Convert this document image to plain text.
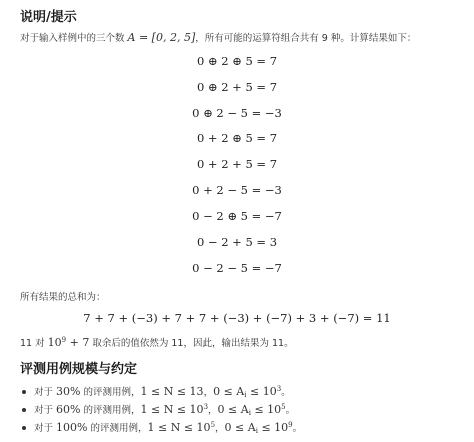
说明/提示
对于输入样例中的三个数 A = [0, 2, 5]，所有可能的运算符组合共有 9 种。计算结果如下：
0 ⊕ 2 ⊕ 5 = 7
0 ⊕ 2 + 5 = 7
0 ⊕ 2 − 5 = −3
0 + 2 ⊕ 5 = 7
0 + 2 + 5 = 7
0 + 2 − 5 = −3
0 − 2 ⊕ 5 = −7
0 − 2 + 5 = 3
0 − 2 − 5 = −7
所有结果的总和为：
7 + 7 + (−3) + 7 + 7 + (−3) + (−7) + 3 + (−7) = 11
11 对 $10^9 + 7$ 取余后的值依然为 11，因此，输出结果为 11。
评测用例规模与约定
对于 30% 的评测用例，1 ≤ N ≤ 13，$0 \le A_i \le 10^3$。
对于 60% 的评测用例，$1 \le N \le 10^3$，$0 \le A_i \le 10^5$。
对于 100% 的评测用例，$1 \le N \le 10^5$，$0 \le A_i \le 10^9$。
